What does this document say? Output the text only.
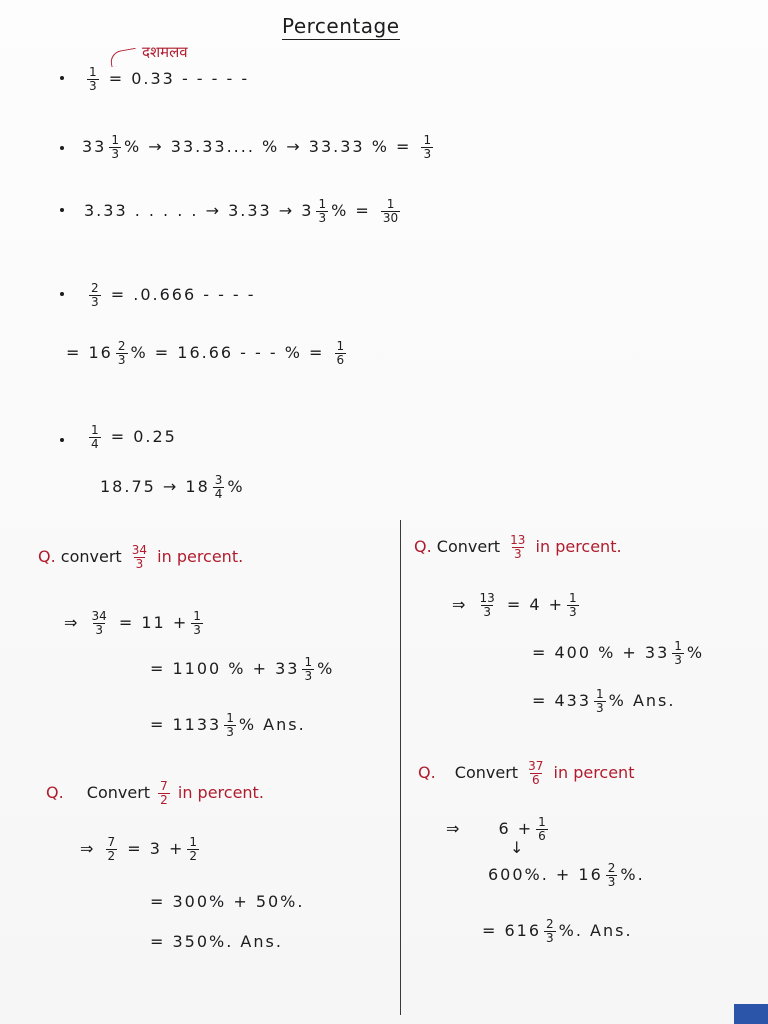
Percentage
दशमलव
$\frac{1}{3} = 0.33$ - - - - -
$33 \frac{1}{3}$ % → 33.33.... % → 33.33 % = $\frac{1}{3}$
3.33 . . . . . → $3.33 \to 3 \frac{1}{3}$ % = $\frac{1}{30}$
$\frac{2}{3} = .0.666$ - - - -
= $16 \frac{2}{3}$ % = 16.66 - - - % = $\frac{1}{6}$
$\frac{1}{4} = 0.25$
$18.75 \to 18 \frac{3}{4}$ %
Q. convert $\frac{34}{3}$ in percent.
⇒ $\frac{34}{3} = 11 + \frac{1}{3}$
= 1100 % + $33 \frac{1}{3}$ %
= $1133 \frac{1}{3}$ % Ans.
Q. Convert $\frac{13}{3}$ in percent.
⇒ $\frac{13}{3} = 4 + \frac{1}{3}$
= 400 % + $33 \frac{1}{3}$ %
= $433 \frac{1}{3}$ % Ans.
Q. Convert $\frac{7}{2}$ in percent.
⇒ $\frac{7}{2} = 3 + \frac{1}{2}$
= 300% + 50%.
= 350%. Ans.
Q. Convert $\frac{37}{6}$ in percent
⇒ $6 + \frac{1}{6}$
↓
600%. + $16 \frac{2}{3}$ %.
= $616 \frac{2}{3}$ %. Ans.
